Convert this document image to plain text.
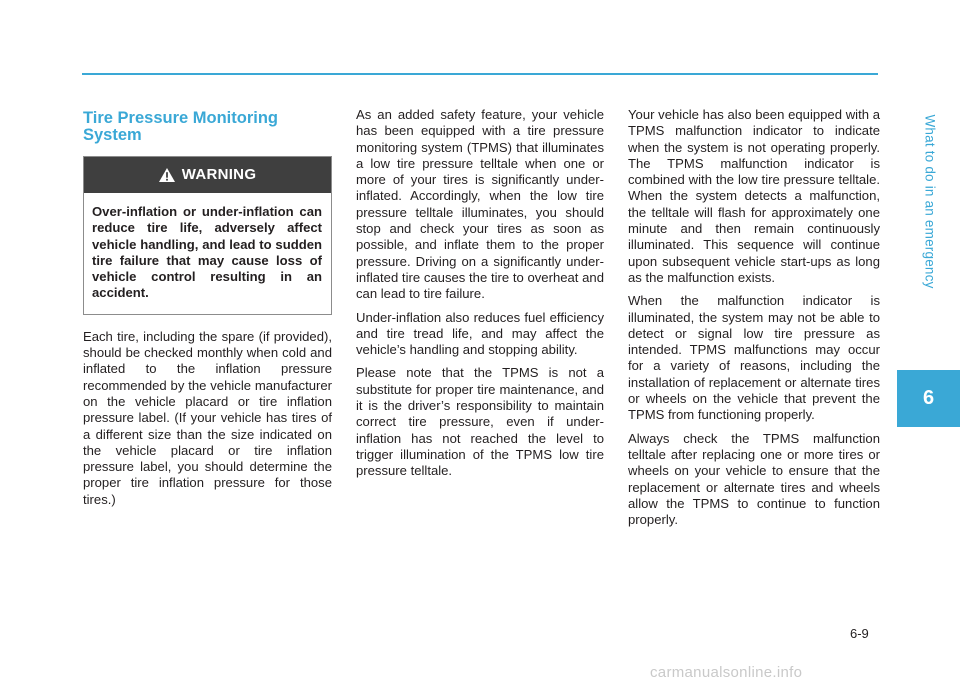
Tire Pressure Monitoring System
WARNING
Over-inflation or under-inflation can reduce tire life, adversely affect vehicle handling, and lead to sudden tire failure that may cause loss of vehicle control resulting in an accident.

Each tire, including the spare (if provided), should be checked monthly when cold and inflated to the inflation pressure recommended by the vehicle manufacturer on the vehicle placard or tire inflation pressure label. (If your vehicle has tires of a different size than the size indicated on the vehicle placard or tire inflation pressure label, you should determine the proper tire inflation pressure for those tires.)

As an added safety feature, your vehicle has been equipped with a tire pressure monitoring system (TPMS) that illuminates a low tire pressure telltale when one or more of your tires is significantly under-inflated. Accordingly, when the low tire pressure telltale illuminates, you should stop and check your tires as soon as possible, and inflate them to the proper pressure. Driving on a significantly under-inflated tire causes the tire to overheat and can lead to tire failure.

Under-inflation also reduces fuel efficiency and tire tread life, and may affect the vehicle’s handling and stopping ability.

Please note that the TPMS is not a substitute for proper tire maintenance, and it is the driver’s responsibility to maintain correct tire pressure, even if under-inflation has not reached the level to trigger illumination of the TPMS low tire pressure telltale.

Your vehicle has also been equipped with a TPMS malfunction indicator to indicate when the system is not operating properly. The TPMS malfunction indicator is combined with the low tire pressure telltale. When the system detects a malfunction, the telltale will flash for approximately one minute and then remain continuously illuminated. This sequence will continue upon subsequent vehicle start-ups as long as the malfunction exists.

When the malfunction indicator is illuminated, the system may not be able to detect or signal low tire pressure as intended. TPMS malfunctions may occur for a variety of reasons, including the installation of replacement or alternate tires or wheels on the vehicle that prevent the TPMS from functioning properly.

Always check the TPMS malfunction telltale after replacing one or more tires or wheels on your vehicle to ensure that the replacement or alternate tires and wheels allow the TPMS to continue to function properly.

What to do in an emergency
6
6-9
carmanualsonline.info
